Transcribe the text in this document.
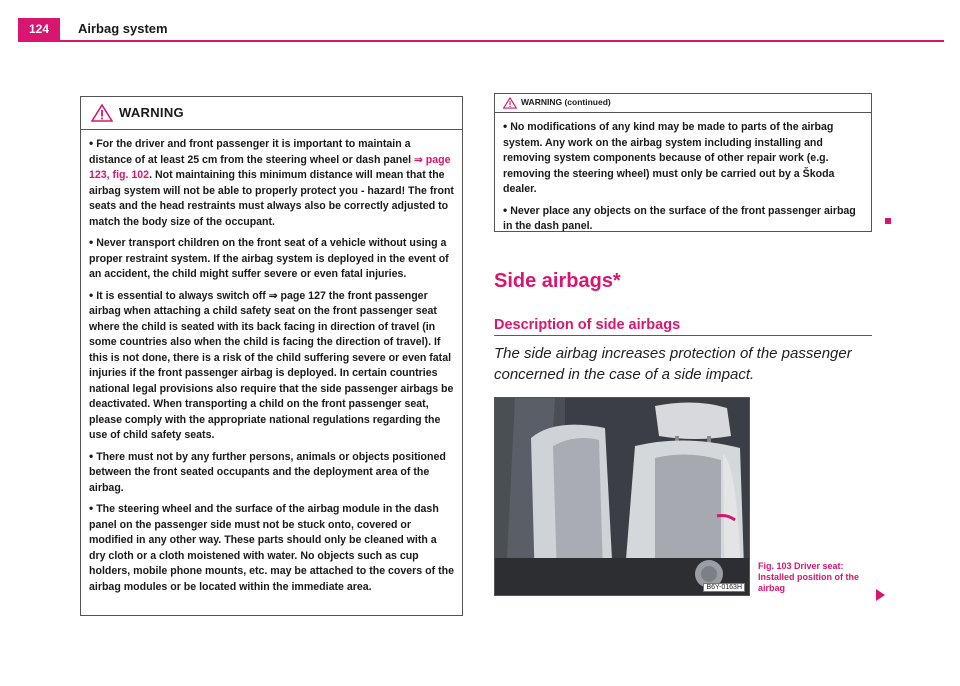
124	Airbag system
WARNING
• For the driver and front passenger it is important to maintain a distance of at least 25 cm from the steering wheel or dash panel ⇒ page 123, fig. 102. Not maintaining this minimum distance will mean that the airbag system will not be able to properly protect you - hazard! The front seats and the head restraints must always also be correctly adjusted to match the body size of the occupant.
• Never transport children on the front seat of a vehicle without using a proper restraint system. If the airbag system is deployed in the event of an accident, the child might suffer severe or even fatal injuries.
• It is essential to always switch off ⇒ page 127 the front passenger airbag when attaching a child safety seat on the front passenger seat where the child is seated with its back facing in direction of travel (in some countries also when the child is facing the direction of travel). If this is not done, there is a risk of the child suffering severe or even fatal injuries if the front passenger airbag is deployed. In certain countries national legal provisions also require that the side passenger airbags be deactivated. When transporting a child on the front passenger seat, please comply with the appropriate national regulations regarding the use of child safety seats.
• There must not by any further persons, animals or objects positioned between the front seated occupants and the deployment area of the airbag.
• The steering wheel and the surface of the airbag module in the dash panel on the passenger side must not be stuck onto, covered or modified in any other way. These parts should only be cleaned with a dry cloth or a cloth moistened with water. No objects such as cup holders, mobile phone mounts, etc. may be attached to the covers of the airbag modules or be located within the immediate area.
WARNING (continued)
• No modifications of any kind may be made to parts of the airbag system. Any work on the airbag system including installing and removing system components because of other repair work (e.g. removing the steering wheel) must only be carried out by a Škoda dealer.
• Never place any objects on the surface of the front passenger airbag in the dash panel.
Side airbags*
Description of side airbags
The side airbag increases protection of the passenger concerned in the case of a side impact.
B6Y-0163H
Fig. 103 Driver seat: Installed position of the airbag
